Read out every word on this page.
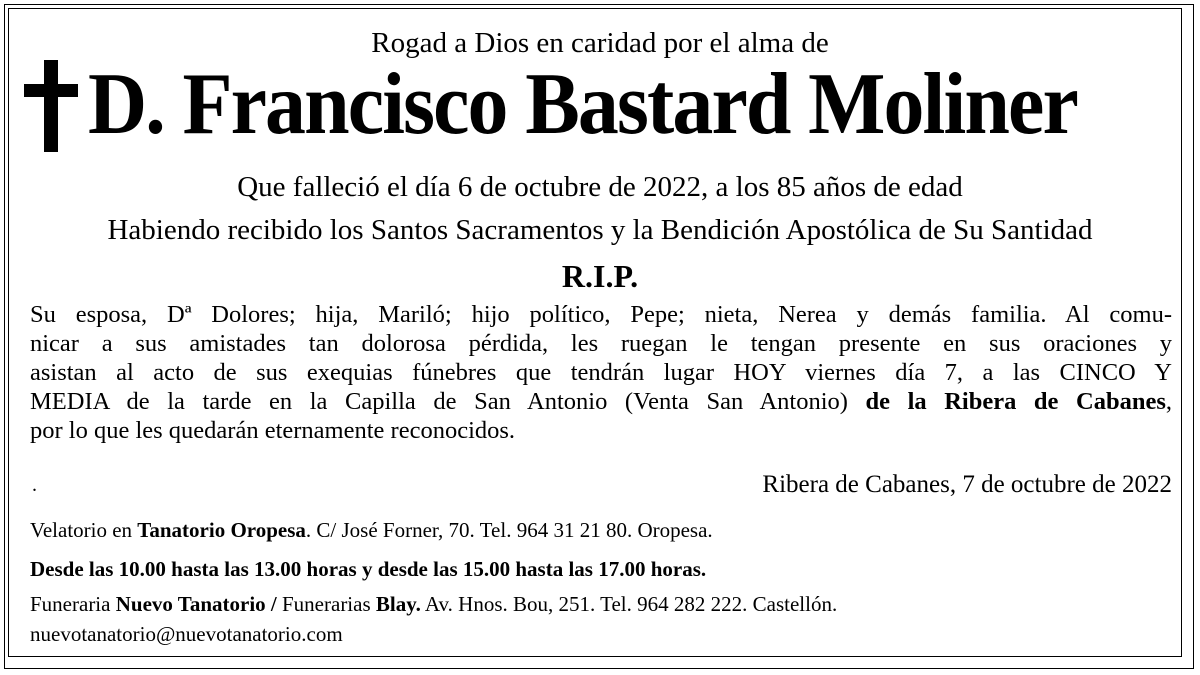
Rogad a Dios en caridad por el alma de
D. Francisco Bastard Moliner
Que falleció el día 6 de octubre de 2022, a los 85 años de edad
Habiendo recibido los Santos Sacramentos y la Bendición Apostólica de Su Santidad
R.I.P.
Su esposa, Dª Dolores; hija, Mariló; hijo político, Pepe; nieta, Nerea y demás familia. Al comu-
nicar a sus amistades tan dolorosa pérdida, les ruegan le tengan presente en sus oraciones y
asistan al acto de sus exequias fúnebres que tendrán lugar HOY viernes día 7, a las CINCO Y
MEDIA de la tarde en la Capilla de San Antonio (Venta San Antonio) de la Ribera de Cabanes,
por lo que les quedarán eternamente reconocidos.
.	Ribera de Cabanes, 7 de octubre de 2022
Velatorio en Tanatorio Oropesa. C/ José Forner, 70. Tel. 964 31 21 80. Oropesa.
Desde las 10.00 hasta las 13.00 horas y desde las 15.00 hasta las 17.00 horas.
Funeraria Nuevo Tanatorio / Funerarias Blay. Av. Hnos. Bou, 251. Tel. 964 282 222. Castellón.
nuevotanatorio@nuevotanatorio.com
